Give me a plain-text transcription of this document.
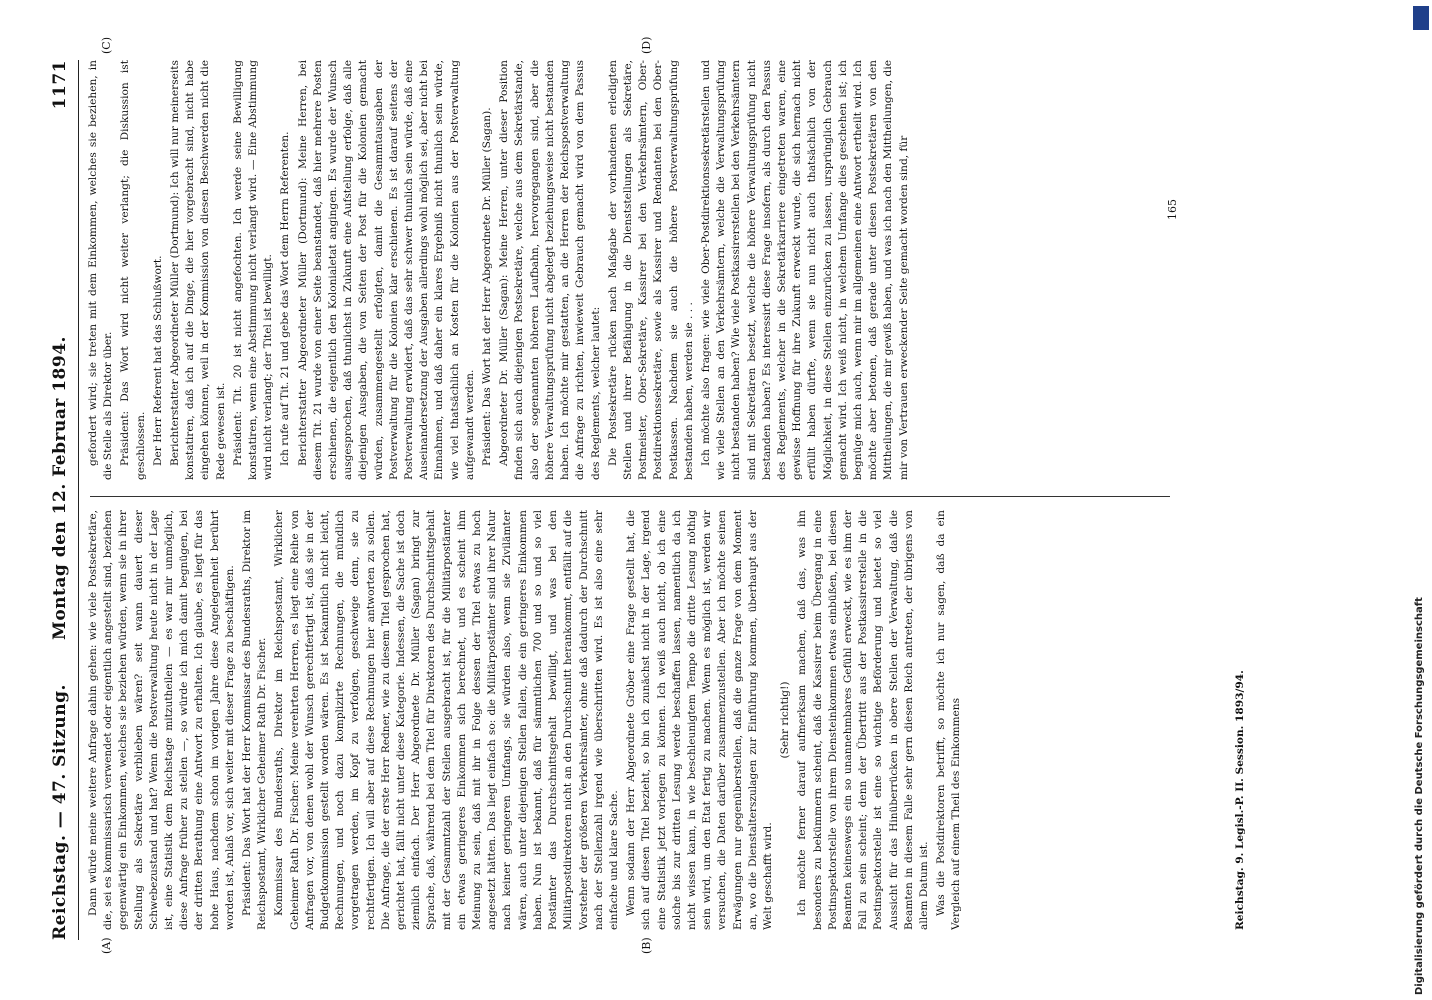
Reichstag. — 47. Sitzung.
Montag den 12. Februar 1894.
1171
(A)	(B)
(C)	(D)

Dann würde meine weitere Anfrage dahin gehen: wie viele Postsekretäre, die, sei es kommissarisch verwendet oder eigentlich angestellt sind, beziehen gegenwärtig ein Einkommen, welches sie beziehen würden, wenn sie in ihrer Stellung als Sekretäre verblieben wären? seit wann dauert dieser Schwebezustand und hat? Wenn die Postverwaltung heute nicht in der Lage ist, eine Statistik dem Reichstage mitzutheilen — es war mir unmöglich, diese Anfrage früher zu stellen —, so würde ich mich damit begnügen, bei der dritten Berathung eine Antwort zu erhalten. Ich glaube, es liegt für das hohe Haus, nachdem schon im vorigen Jahre diese Angelegenheit berührt worden ist, Anlaß vor, sich weiter mit dieser Frage zu beschäftigen. Präsident: Das Wort hat der Herr Kommissar des Bundesraths, Direktor im Reichspostamt, Wirklicher Geheimer Rath Dr. Fischer. Kommissar des Bundesraths, Direktor im Reichspostamt, Wirklicher Geheimer Rath Dr. Fischer: Meine verehrten Herren, es liegt eine Reihe von Anfragen vor, von denen wohl der Wunsch gerechtfertigt ist, daß sie in der Budgetkommission gestellt worden wären. Es ist bekanntlich nicht leicht, Rechnungen, und noch dazu komplizirte Rechnungen, die mündlich vorgetragen werden, im Kopf zu verfolgen, geschweige denn, sie zu rechtfertigen. Ich will aber auf diese Rechnungen hier antworten zu sollen. Die Anfrage, die der erste Herr Redner, wie zu diesem Titel gesprochen hat, gerichtet hat, fällt nicht unter diese Kategorie. Indessen, die Sache ist doch ziemlich einfach. Der Herr Abgeordnete Dr. Müller (Sagan) bringt zur Sprache, daß, während bei dem Titel für Direktoren des Durchschnittsgehalt mit der Gesammtzahl der Stellen ausgebracht ist, für die Militärpostämter ein etwas geringeres Einkommen sich berechnet, und es scheint ihm Meinung zu sein, daß mit ihr in Folge dessen der Titel etwas zu hoch angesetzt hätten. Das liegt einfach so: die Militärpostämter sind ihrer Natur nach keiner geringeren Umfangs, sie würden also, wenn sie Zivilämter wären, auch unter diejenigen Stellen fallen, die ein geringeres Einkommen haben. Nun ist bekannt, daß für sämmtlichen 700 und so und so viel Postämter das Durchschnittsgehalt bewilligt, und was bei den Militärpostdirektoren nicht an den Durchschnitt herankommt, entfällt auf die Vorsteher der größeren Verkehrsämter, ohne daß dadurch der Durchschnitt nach der Stellenzahl irgend wie überschritten wird. Es ist also eine sehr einfache und klare Sache. Wenn sodann der Herr Abgeordnete Gröber eine Frage gestellt hat, die sich auf diesen Titel bezieht, so bin ich zunächst nicht in der Lage, irgend eine Statistik jetzt vorlegen zu können. Ich weiß auch nicht, ob ich eine solche bis zur dritten Lesung werde beschaffen lassen, namentlich da ich nicht wissen kann, in wie beschleunigtem Tempo die dritte Lesung nöthig sein wird, um den Etat fertig zu machen. Wenn es möglich ist, werden wir versuchen, die Daten darüber zusammenzustellen. Aber ich möchte seinen Erwägungen nur gegenüberstellen, daß die ganze Frage von dem Moment an, wo die Dienstalterszulagen zur Einführung kommen, überhaupt aus der Welt geschafft wird.

(Sehr richtig!) Ich möchte ferner darauf aufmerksam machen, daß das, was ihn besonders zu bekümmern scheint, daß die Kassirer beim Übergang in eine Postinspektorstelle von ihrem Diensteinkommen etwas einbüßen, bei diesen Beamten keineswegs ein so unannehmbares Gefühl erweckt, wie es ihm der Fall zu sein scheint; denn der Übertritt aus der Postkassirerstelle in die Postinspektorstelle ist eine so wichtige Beförderung und bietet so viel Aussicht für das Hinüberrücken in obere Stellen der Verwaltung, daß die Beamten in diesem Falle sehr gern diesen Reich antreten, der übrigens von allem Datum ist. Was die Postdirektoren betrifft, so möchte ich nur sagen, daß da ein Vergleich auf einem Theil des Einkommens

gefordert wird; sie treten mit dem Einkommen, welches sie beziehen, in die Stelle als Direktor über. Präsident: Das Wort wird nicht weiter verlangt; die Diskussion ist geschlossen. Der Herr Referent hat das Schlußwort. Berichterstatter Abgeordneter Müller (Dortmund): Ich will nur meinerseits konstatiren, daß ich auf die Dinge, die hier vorgebracht sind, nicht habe eingehen können, weil in der Kommission von diesen Beschwerden nicht die Rede gewesen ist. Präsident: Tit. 20 ist nicht angefochten. Ich werde seine Bewilligung konstatiren, wenn eine Abstimmung nicht verlangt wird. — Eine Abstimmung wird nicht verlangt; der Titel ist bewilligt. Ich rufe auf Tit. 21 und gebe das Wort dem Herrn Referenten. Berichterstatter Abgeordneter Müller (Dortmund): Meine Herren, bei diesem Tit. 21 wurde von einer Seite beanstandet, daß hier mehrere Posten erschienen, die eigentlich den Kolonialetat angingen. Es wurde der Wunsch ausgesprochen, daß thunlichst in Zukunft eine Aufstellung erfolge, daß alle diejenigen Ausgaben, die von Seiten der Post für die Kolonien gemacht würden, zusammengestellt erfolgten, damit die Gesammtausgaben der Postverwaltung für die Kolonien klar erschienen. Es ist darauf seitens der Postverwaltung erwidert, daß das sehr schwer thunlich sein würde, daß eine Auseinandersetzung der Ausgaben allerdings wohl möglich sei, aber nicht bei Einnahmen, und daß daher ein klares Ergebniß nicht thunlich sein würde, wie viel thatsächlich an Kosten für die Kolonien aus der Postverwaltung aufgewandt werden. Präsident: Das Wort hat der Herr Abgeordnete Dr. Müller (Sagan). Abgeordneter Dr. Müller (Sagan): Meine Herren, unter dieser Position finden sich auch diejenigen Postsekretäre, welche aus dem Sekretärstande, also der sogenannten höheren Laufbahn, hervorgegangen sind, aber die höhere Verwaltungsprüfung nicht abgelegt beziehungsweise nicht bestanden haben. Ich möchte mir gestatten, an die Herren der Reichspostverwaltung die Anfrage zu richten, inwieweit Gebrauch gemacht wird von dem Passus des Reglements, welcher lautet: Die Postsekretäre rücken nach Maßgabe der vorhandenen erledigten Stellen und ihrer Befähigung in die Dienststellungen als Sekretäre, Postmeister, Ober-Sekretäre, Kassirer bei den Verkehrsämtern, Ober-Postdirektionssekretäre, sowie als Kassirer und Rendanten bei den Ober-Postkassen. Nachdem sie auch die höhere Postverwaltungsprüfung bestanden haben, werden sie . . . Ich möchte also fragen: wie viele Ober-Postdirektionssekretärstellen und wie viele Stellen an den Verkehrsämtern, welche die Verwaltungsprüfung nicht bestanden haben? Wie viele Postkassirerstellen bei den Verkehrsämtern sind mit Sekretären besetzt, welche die höhere Verwaltungsprüfung nicht bestanden haben? Es interessirt diese Frage insofern, als durch den Passus des Reglements, welcher in die Sekretärkarriere eingetreten waren, eine gewisse Hoffnung für ihre Zukunft erweckt wurde, die sich hernach nicht erfüllt haben dürfte, wenn sie nun nicht auch thatsächlich von der Möglichkeit, in diese Stellen einzurücken zu lassen, ursprünglich Gebrauch gemacht wird. Ich weiß nicht, in welchem Umfange dies geschehen ist; ich begnüge mich auch, wenn mir im allgemeinen eine Antwort ertheilt wird. Ich möchte aber betonen, daß gerade unter diesen Postsekretären von den Mittheilungen, die mir gewiß haben, und was ich nach den Mittheilungen, die mir von Vertrauen erweckender Seite gemacht worden sind, für

Reichstag. 9. Legisl.-P. II. Session. 1893/94.
165
Digitalisierung gefördert durch die Deutsche Forschungsgemeinschaft
